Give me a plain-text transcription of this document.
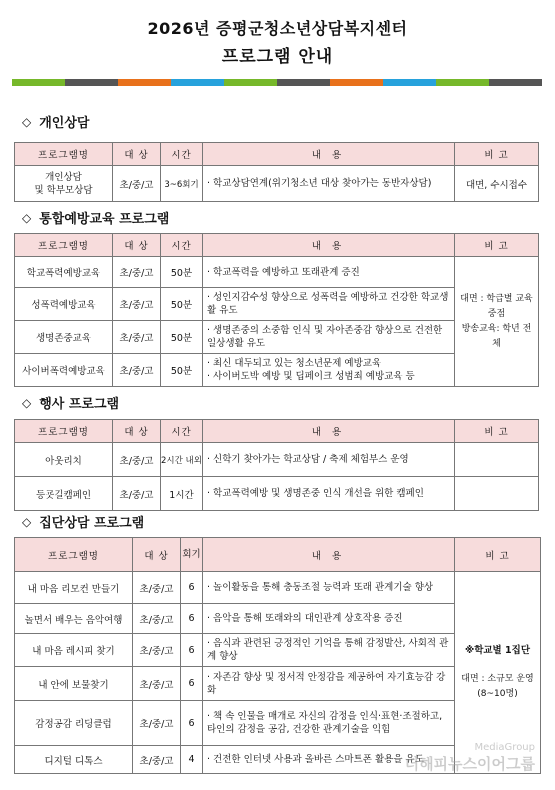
2026년 증평군청소년상담복지센터
프로그램 안내
◇ 개인상담
프로그램명	대 상	시간	내 용	비 고
개인상담
및 학부모상담	초/중/고	3~6회기	· 학교상담연계(위기청소년 대상 찾아가는 동반자상담)	대면, 수시접수
◇ 통합예방교육 프로그램
프로그램명	대 상	시간	내 용	비 고
학교폭력예방교육	초/중/고	50분	· 학교폭력을 예방하고 또래관계 증진	대면 : 학급별 교육 중점
방송교육: 학년 전체
성폭력예방교육	초/중/고	50분	· 성인지감수성 향상으로 성폭력을 예방하고 건강한 학교생활 유도	
생명존중교육	초/중/고	50분	· 생명존중의 소중함 인식 및 자아존중감 향상으로 건전한 일상생활 유도	
사이버폭력예방교육	초/중/고	50분	· 최신 대두되고 있는 청소년문제 예방교육
· 사이버도박 예방 및 딥페이크 성범죄 예방교육 등	
◇ 행사 프로그램
프로그램명	대 상	시간	내 용	비 고
아웃리치	초/중/고	2시간 내외	· 신학기 찾아가는 학교상담 / 축제 체험부스 운영	
등굣길캠페인	초/중/고	1시간	· 학교폭력예방 및 생명존중 인식 개선을 위한 캠페인	
◇ 집단상담 프로그램
프로그램명	대 상	회기	내 용	비 고
내 마음 리모컨 만들기	초/중/고	6	· 놀이활동을 통해 충동조절 능력과 또래 관계기술 향상	※학교별 1집단
대면 : 소규모 운영
(8~10명)

놀면서 배우는 음악여행	초/중/고	6	· 음악을 통해 또래와의 대인관계 상호작용 증진	
내 마음 레시피 찾기	초/중/고	6	· 음식과 관련된 긍정적인 기억을 통해 감정발산, 사회적 관계 향상	
내 안에 보물찾기	초/중/고	6	· 자존감 향상 및 정서적 안정감을 제공하여 자기효능감 강화	
감정공감 리딩클럽	초/중/고	6	· 책 속 인물을 매개로 자신의 감정을 인식·표현·조절하고, 타인의 감정을 공감, 건강한 관계기술을 익힘	
디지털 디톡스	초/중/고	4	· 건전한 인터넷 사용과 올바른 스마트폰 활용을 유도	
MediaGroup
더해피뉴스이어그룹
